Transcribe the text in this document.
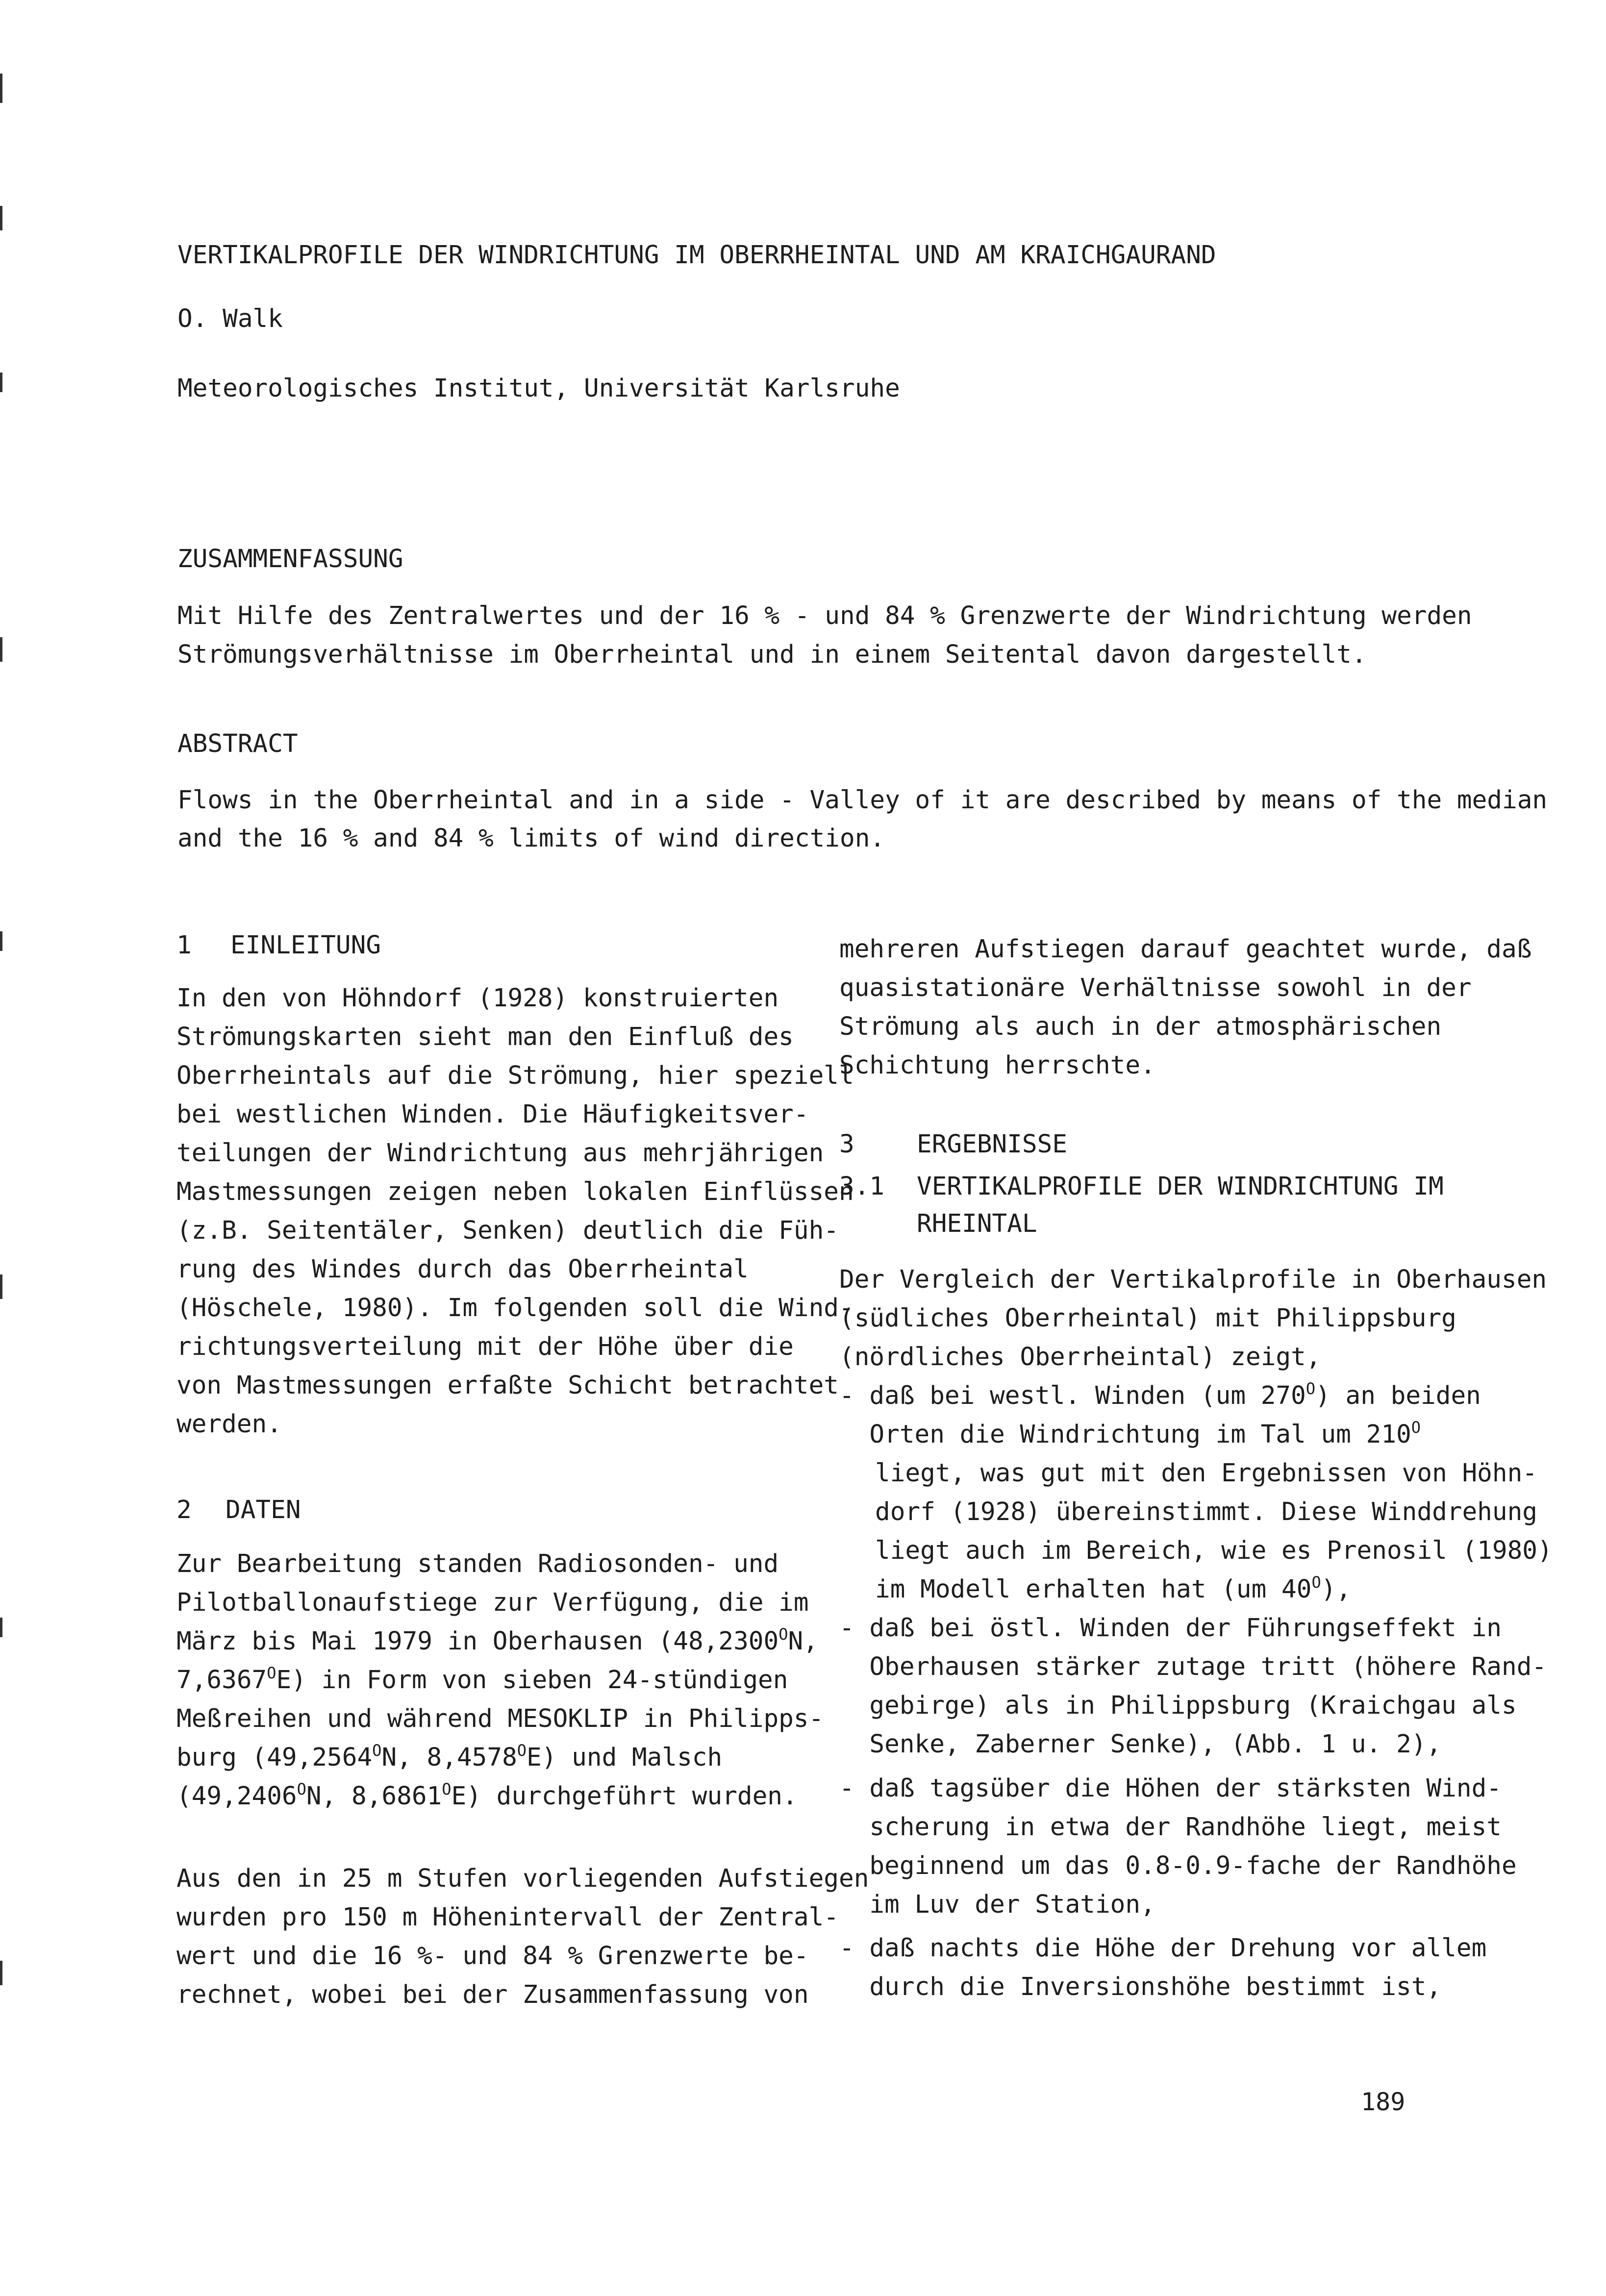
VERTIKALPROFILE DER WINDRICHTUNG IM OBERRHEINTAL UND AM KRAICHGAURAND
O. Walk
Meteorologisches Institut, Universität Karlsruhe
ZUSAMMENFASSUNG
Mit Hilfe des Zentralwertes und der 16 % - und 84 % Grenzwerte der Windrichtung werden
Strömungsverhältnisse im Oberrheintal und in einem Seitental davon dargestellt.
ABSTRACT
Flows in the Oberrheintal and in a side - Valley of it are described by means of the median
and the 16 % and 84 % limits of wind direction.
1 EINLEITUNG
In den von Höhndorf (1928) konstruierten
Strömungskarten sieht man den Einfluß des
Oberrheintals auf die Strömung, hier speziell
bei westlichen Winden. Die Häufigkeitsver-
teilungen der Windrichtung aus mehrjährigen
Mastmessungen zeigen neben lokalen Einflüssen
(z.B. Seitentäler, Senken) deutlich die Füh-
rung des Windes durch das Oberrheintal
(Höschele, 1980). Im folgenden soll die Wind-
richtungsverteilung mit der Höhe über die
von Mastmessungen erfaßte Schicht betrachtet
werden.
2 DATEN
Zur Bearbeitung standen Radiosonden- und
Pilotballonaufstiege zur Verfügung, die im
März bis Mai 1979 in Oberhausen ($48,2300^ON$,
$7,6367^OE$) in Form von sieben 24-stündigen
Meßreihen und während MESOKLIP in Philipps-
burg ($49,2564^ON$, $8,4578^OE$) und Malsch
($49,2406^ON$, $8,6861^OE$) durchgeführt wurden.
Aus den in 25 m Stufen vorliegenden Aufstiegen
wurden pro 150 m Höhenintervall der Zentral-
wert und die 16 %- und 84 % Grenzwerte be-
rechnet, wobei bei der Zusammenfassung von
mehreren Aufstiegen darauf geachtet wurde, daß
quasistationäre Verhältnisse sowohl in der
Strömung als auch in der atmosphärischen
Schichtung herrschte.
3 ERGEBNISSE
3.1 VERTIKALPROFILE DER WINDRICHTUNG IM
RHEINTAL
Der Vergleich der Vertikalprofile in Oberhausen
(südliches Oberrheintal) mit Philippsburg
(nördliches Oberrheintal) zeigt,
- daß bei westl. Winden (um $270^O$) an beiden
Orten die Windrichtung im Tal um $210^O$
liegt, was gut mit den Ergebnissen von Höhn-
dorf (1928) übereinstimmt. Diese Winddrehung
liegt auch im Bereich, wie es Prenosil (1980)
im Modell erhalten hat (um $40^O$),
- daß bei östl. Winden der Führungseffekt in
Oberhausen stärker zutage tritt (höhere Rand-
gebirge) als in Philippsburg (Kraichgau als
Senke, Zaberner Senke), (Abb. 1 u. 2),
- daß tagsüber die Höhen der stärksten Wind-
scherung in etwa der Randhöhe liegt, meist
beginnend um das 0.8-0.9-fache der Randhöhe
im Luv der Station,
- daß nachts die Höhe der Drehung vor allem
durch die Inversionshöhe bestimmt ist,
189
